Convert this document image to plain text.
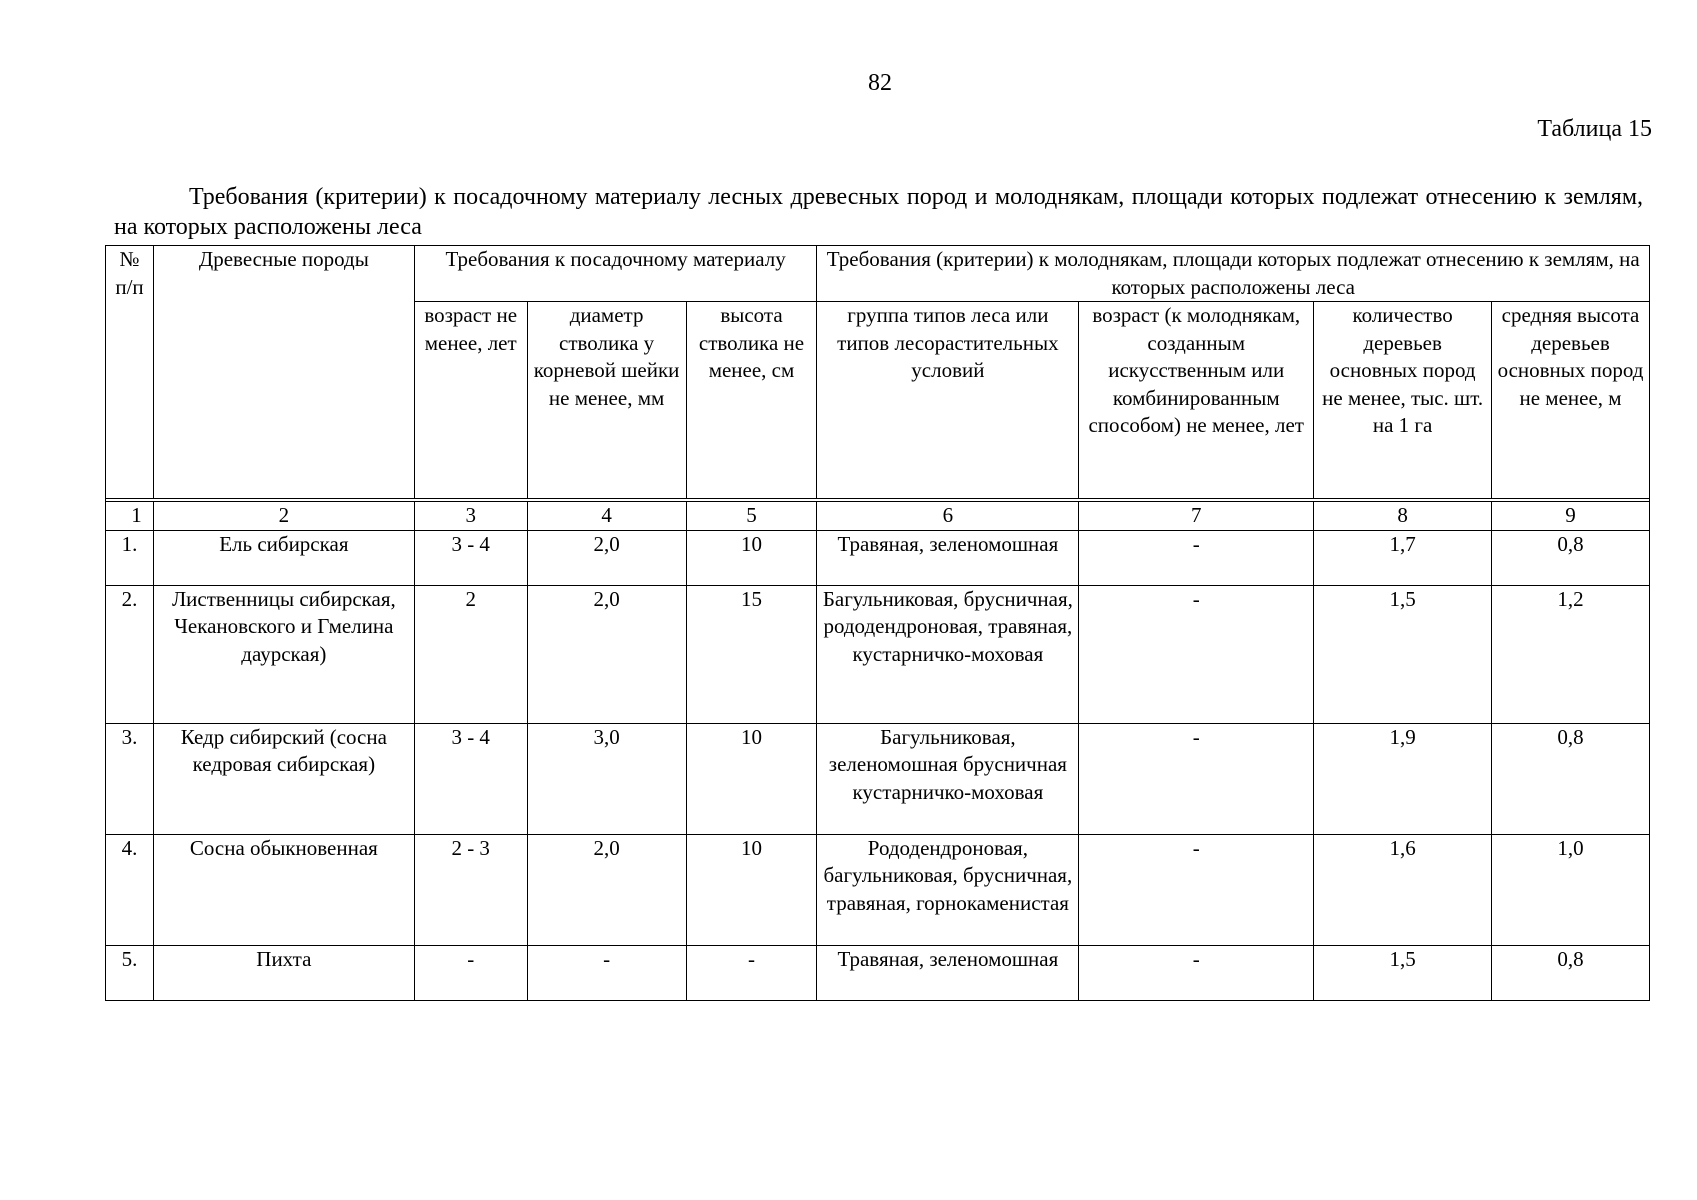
82
Таблица 15
Требования (критерии) к посадочному материалу лесных древесных пород и молоднякам, площади которых подлежат отнесению к землям, на которых расположены леса
№ п/п	Древесные породы	Требования к посадочному материалу			Требования (критерии) к молоднякам, площади которых подлежат отнесению к землям, на которых расположены леса			
		возраст не менее, лет	диаметр стволика у корневой шейки не менее, мм	высота стволика не менее, см	группа типов леса или типов лесорастительных условий	возраст (к молоднякам, созданным искусственным или комбинированным способом) не менее, лет	количество деревьев основных пород не менее, тыс. шт. на 1 га	средняя высота деревьев основных пород не менее, м

1	2	3	4	5	6	7	8	9
1.	Ель сибирская	3 - 4	2,0	10	Травяная, зеленомошная	-	1,7	0,8
2.	Лиственницы сибирская, Чекановского и Гмелина даурская)	2	2,0	15	Багульниковая, брусничная, рододендроновая, травяная, кустарничко-моховая	-	1,5	1,2
3.	Кедр сибирский (сосна кедровая сибирская)	3 - 4	3,0	10	Багульниковая, зеленомошная брусничная кустарничко-моховая	-	1,9	0,8
4.	Сосна обыкновенная	2 - 3	2,0	10	Рододендроновая, багульниковая, брусничная, травяная, горнокаменистая	-	1,6	1,0
5.	Пихта	-	-	-	Травяная, зеленомошная	-	1,5	0,8
